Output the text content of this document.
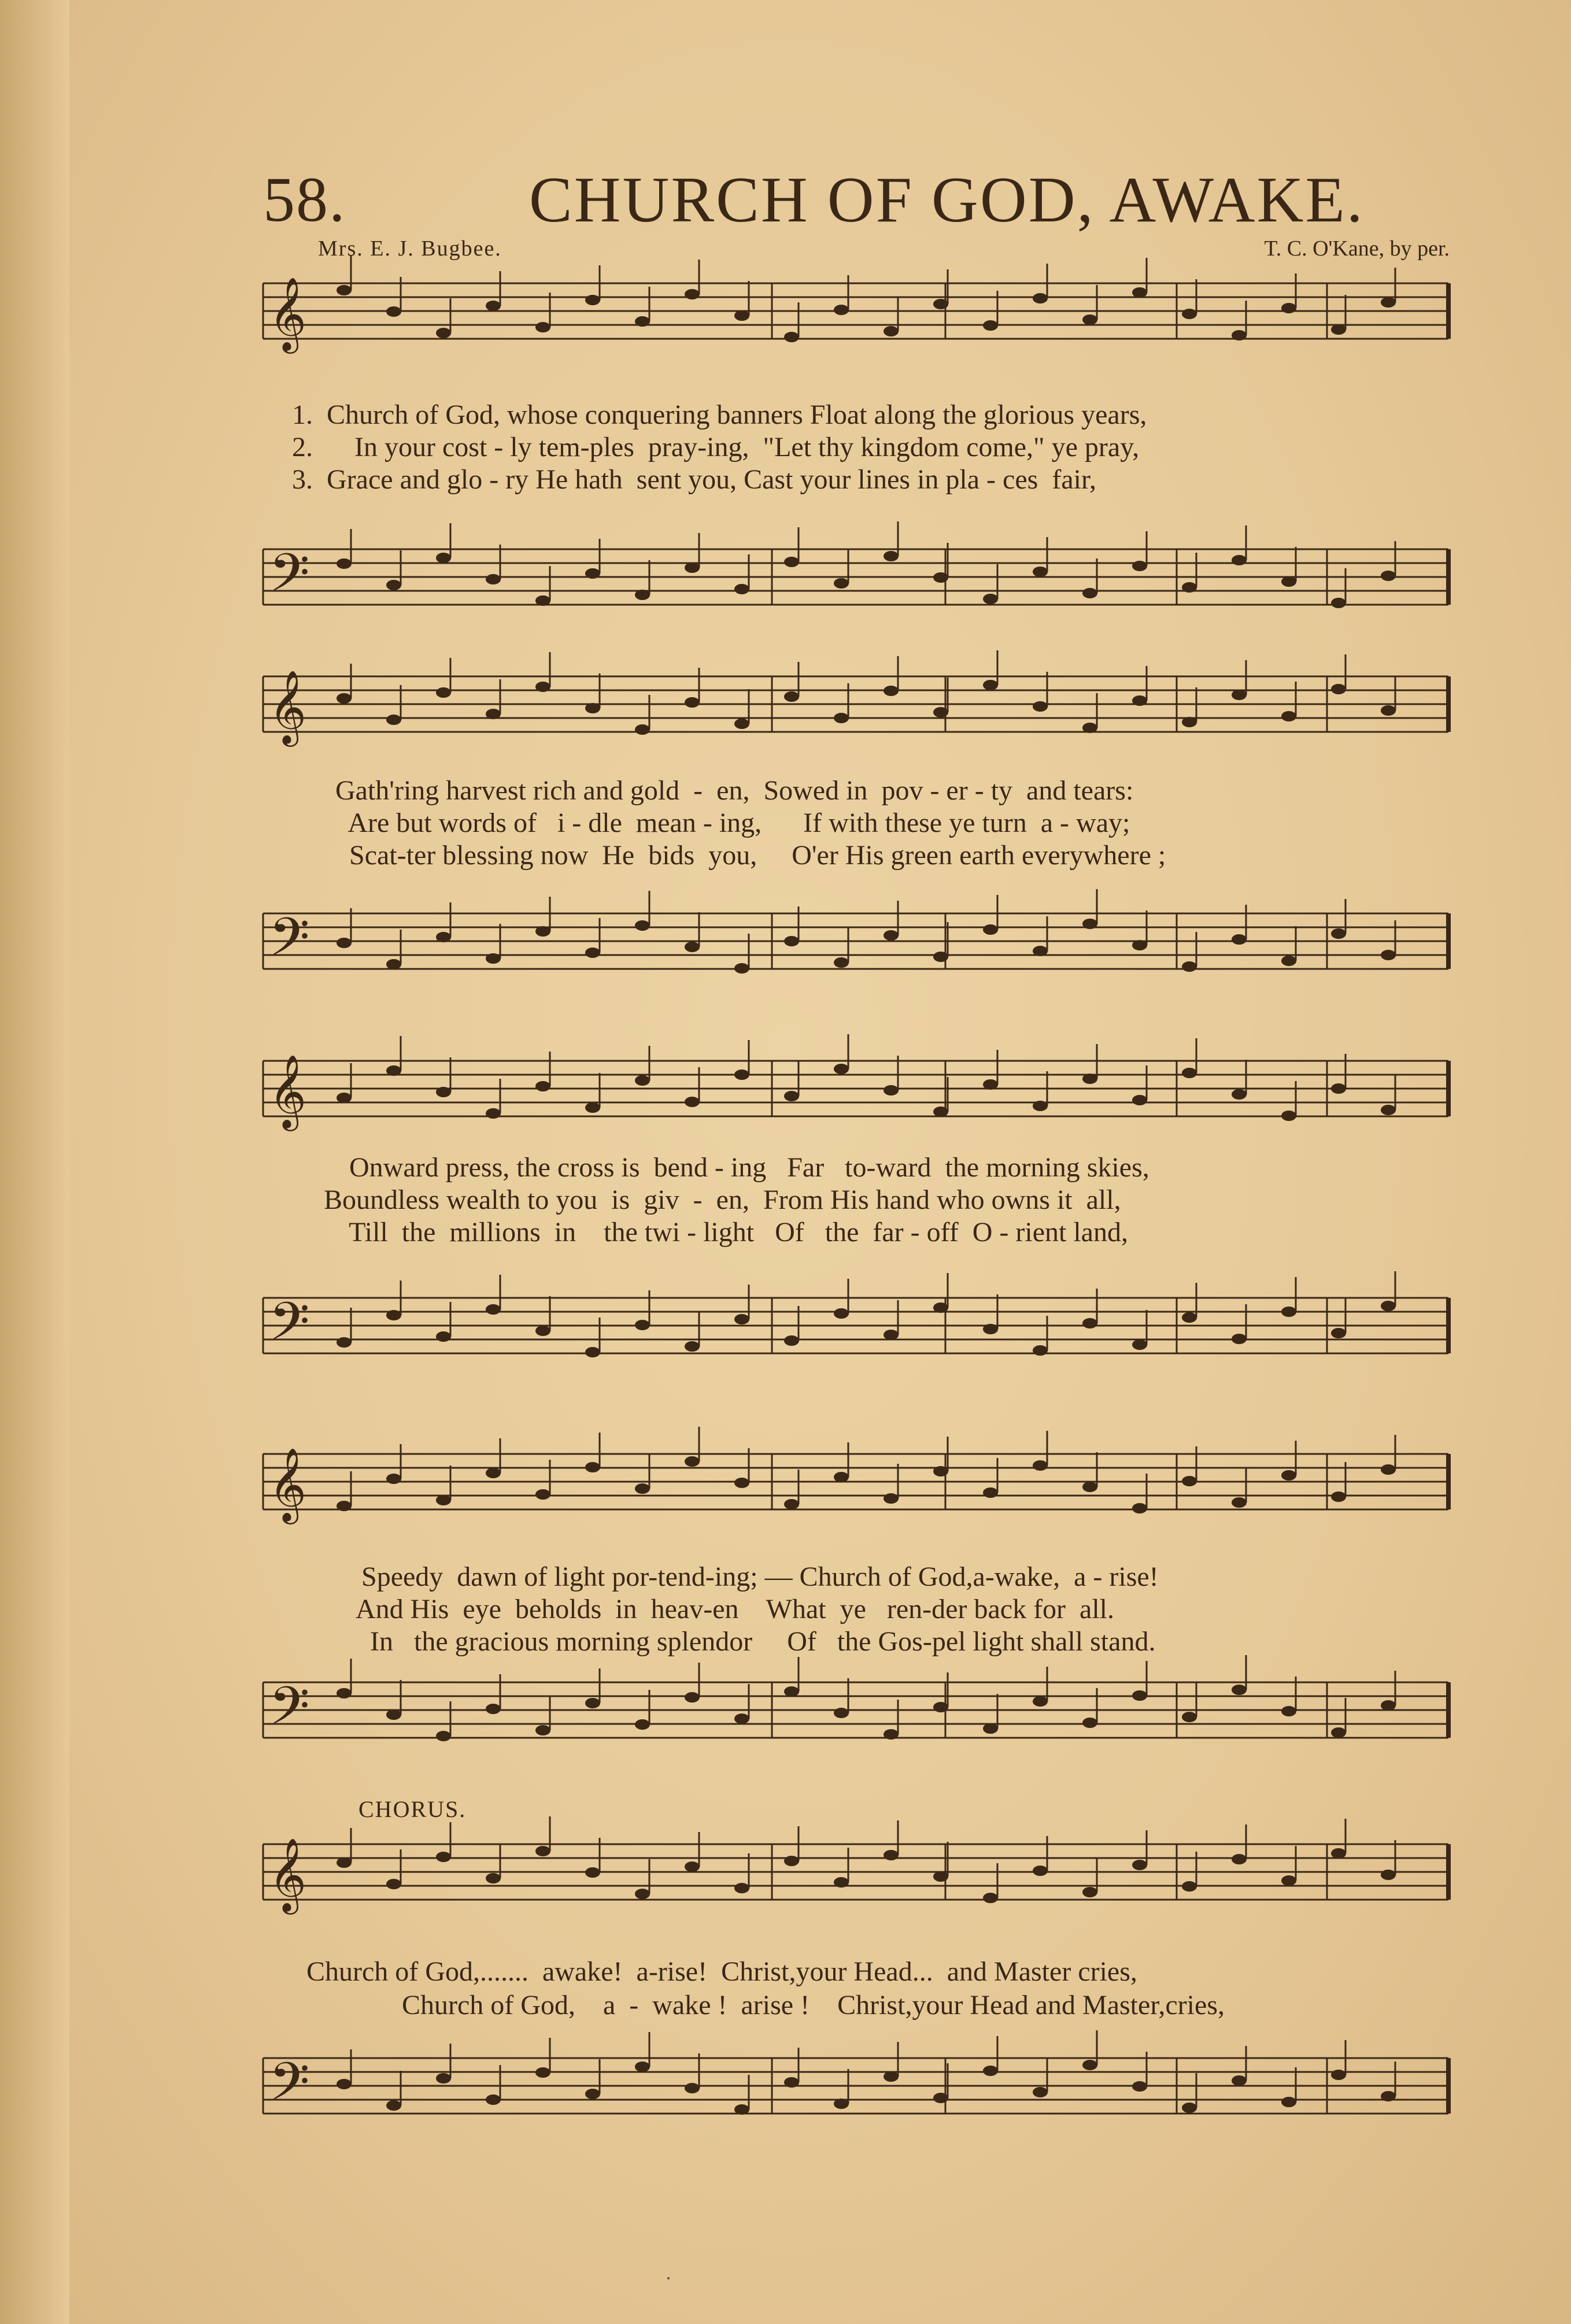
58.	CHURCH OF GOD, AWAKE.
Mrs. E. J. Bugbee.	T. C. O'Kane, by per.
𝄞
1.  Church of God, whose conquering banners Float along the glorious years,
2.      In your cost - ly tem-ples  pray-ing,  "Let thy kingdom come," ye pray,
3.  Grace and glo - ry He hath  sent you, Cast your lines in pla - ces  fair,
𝄢
𝄞
Gath'ring harvest rich and gold  -  en,  Sowed in  pov - er - ty  and tears:
Are but words of   i - dle  mean - ing,      If with these ye turn  a - way;
Scat-ter blessing now  He  bids  you,     O'er His green earth everywhere ;
𝄢
𝄞
Onward press, the cross is  bend - ing   Far   to-ward  the morning skies,
Boundless wealth to you  is  giv  -  en,  From His hand who owns it  all,
Till  the  millions  in    the twi - light   Of   the  far - off  O - rient land,
𝄢
𝄞
Speedy  dawn of light por-tend-ing; — Church of God,a-wake,  a - rise!
And His  eye  beholds  in  heav-en    What  ye   ren-der back for  all.
In   the gracious morning splendor     Of   the Gos-pel light shall stand.
𝄢
CHORUS.
𝄞
Church of God,.......  awake!  a-rise!  Christ,your Head...  and Master cries,
Church of God,    a  -  wake !  arise !    Christ,your Head and Master,cries,
𝄢
·
